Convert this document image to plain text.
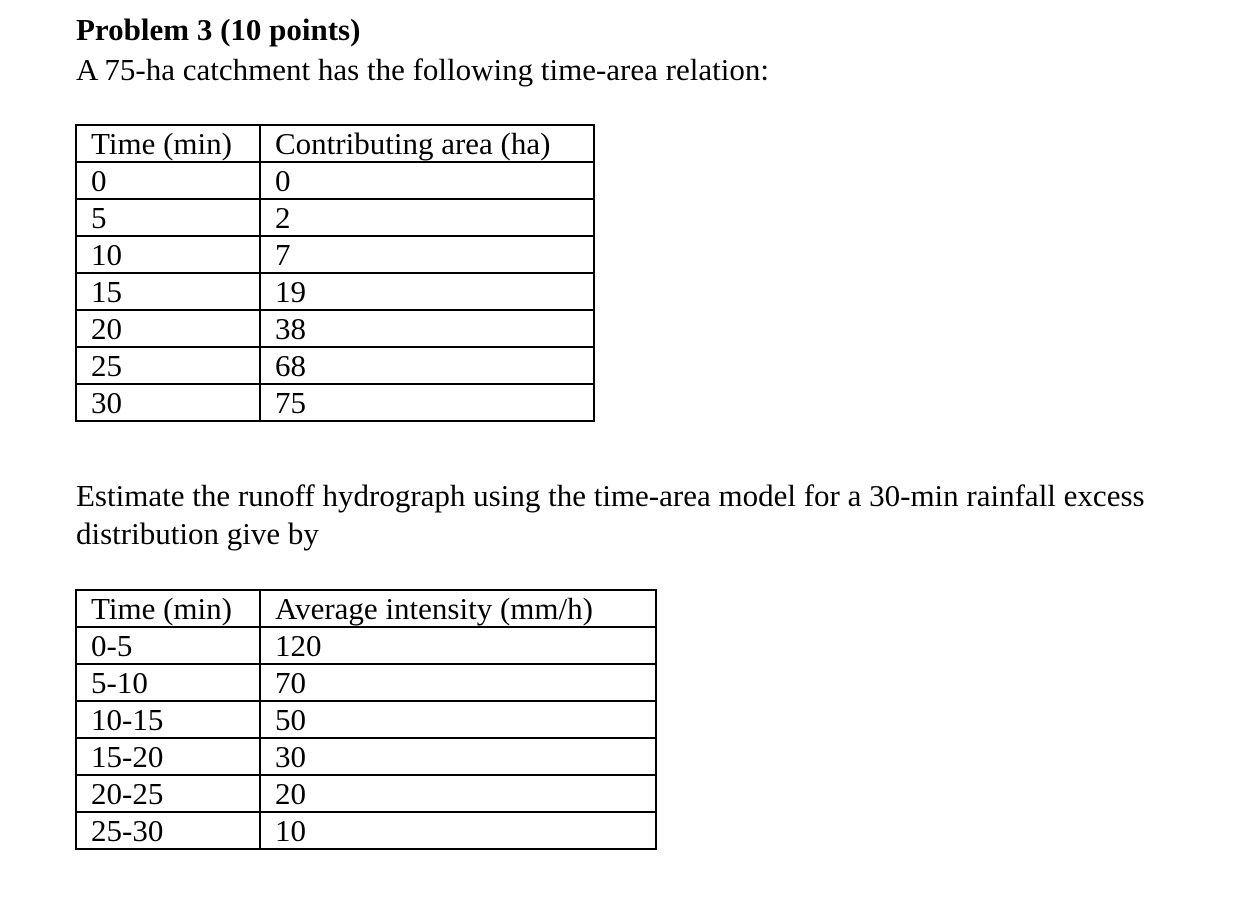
Problem 3 (10 points)
A 75-ha catchment has the following time-area relation:
Time (min)	Contributing area (ha)
0	0
5	2
10	7
15	19
20	38
25	68
30	75
Estimate the runoff hydrograph using the time-area model for a 30-min rainfall excess distribution give by
Time (min)	Average intensity (mm/h)
0-5	120
5-10	70
10-15	50
15-20	30
20-25	20
25-30	10
